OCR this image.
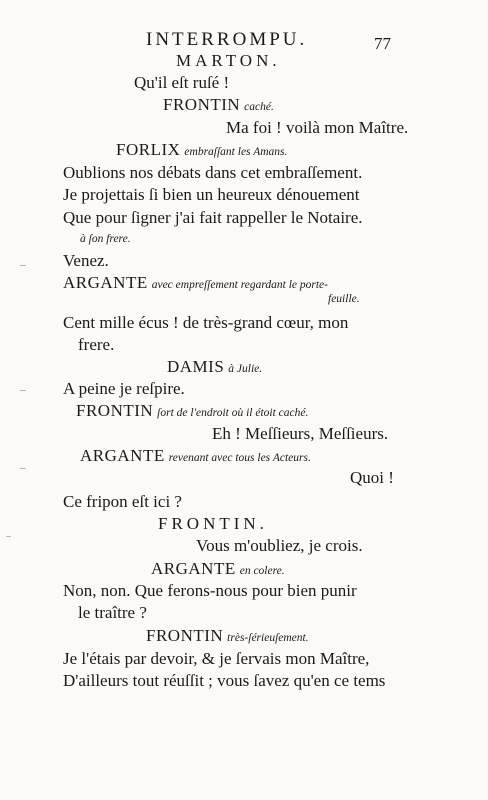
INTERROMPU.	77
MARTON.
Qu'il eſt ruſé !
FRONTIN caché.
Ma foi ! voilà mon Maître.
FORLIX embraſſant les Amans.
Oublions nos débats dans cet embraſſement.
Je projettais ſi bien un heureux dénouement
Que pour ſigner j'ai fait rappeller le Notaire.
à ſon frere.
Venez.
ARGANTE avec empreſſement regardant le porte-
feuille.
Cent mille écus ! de très-grand cœur, mon
frere.
DAMIS à Julie.
A peine je reſpire.
FRONTIN ſort de l'endroit où il étoit caché.
Eh ! Meſſieurs, Meſſieurs.
ARGANTE revenant avec tous les Acteurs.
Quoi !
Ce fripon eſt ici ?
FRONTIN.
Vous m'oubliez, je crois.
ARGANTE en colere.
Non, non. Que ferons-nous pour bien punir
le traître ?
FRONTIN très-ſérieuſement.
Je l'étais par devoir, & je ſervais mon Maître,
D'ailleurs tout réuſſit ; vous ſavez qu'en ce tems
